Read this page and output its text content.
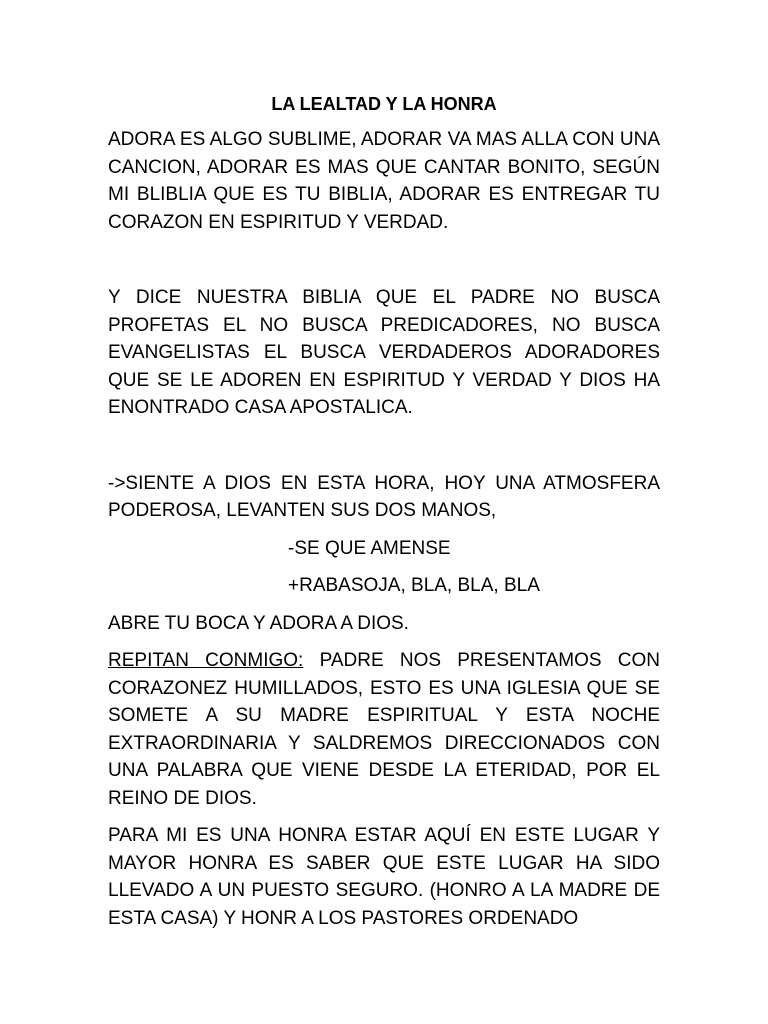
LA LEALTAD Y LA HONRA

ADORA ES ALGO SUBLIME, ADORAR VA MAS ALLA CON UNA CANCION, ADORAR ES MAS QUE CANTAR BONITO, SEGÚN MI BLIBLIA QUE ES TU BIBLIA, ADORAR ES ENTREGAR TU CORAZON EN ESPIRITUD Y VERDAD.

Y DICE NUESTRA BIBLIA QUE EL PADRE NO BUSCA PROFETAS EL NO BUSCA PREDICADORES, NO BUSCA EVANGELISTAS EL BUSCA VERDADEROS ADORADORES QUE SE LE ADOREN EN ESPIRITUD Y VERDAD Y DIOS HA ENONTRADO CASA APOSTALICA.

->SIENTE A DIOS EN ESTA HORA, HOY UNA ATMOSFERA PODEROSA, LEVANTEN SUS DOS MANOS,

-SE QUE AMENSE

+RABASOJA, BLA, BLA, BLA

ABRE TU BOCA Y ADORA A DIOS.

REPITAN CONMIGO: PADRE NOS PRESENTAMOS CON CORAZONEZ HUMILLADOS, ESTO ES UNA IGLESIA QUE SE SOMETE A SU MADRE ESPIRITUAL Y ESTA NOCHE EXTRAORDINARIA Y SALDREMOS DIRECCIONADOS CON UNA PALABRA QUE VIENE DESDE LA ETERIDAD, POR EL REINO DE DIOS.

PARA MI ES UNA HONRA ESTAR AQUÍ EN ESTE LUGAR Y MAYOR HONRA ES SABER QUE ESTE LUGAR HA SIDO LLEVADO A UN PUESTO SEGURO. (HONRO A LA MADRE DE ESTA CASA) Y HONR A LOS PASTORES ORDENADO
